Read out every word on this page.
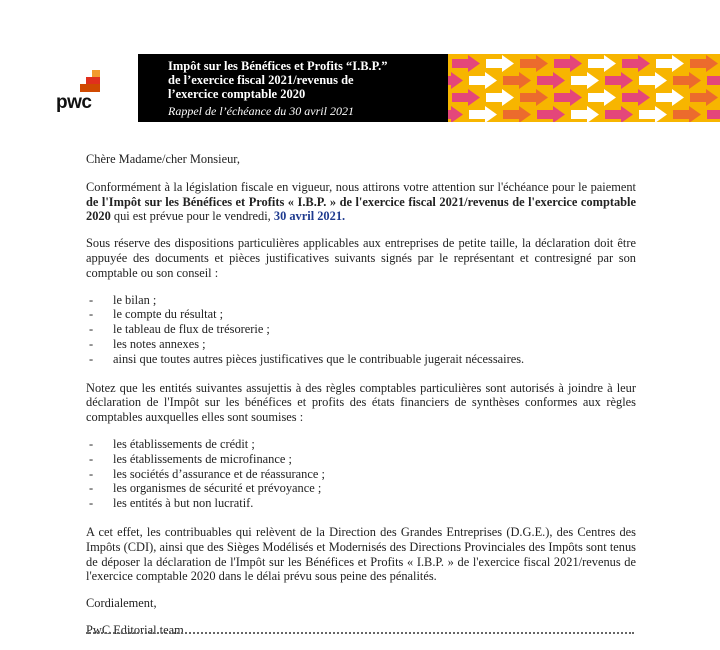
pwc
Impôt sur les Bénéfices et Profits “I.B.P.”
de l’exercice fiscal 2021/revenus de
l’exercice comptable 2020
Rappel de l’échéance du 30 avril 2021

Chère Madame/cher Monsieur,

Conformément à la législation fiscale en vigueur, nous attirons votre attention sur l'échéance pour le paiement de l'Impôt sur les Bénéfices et Profits « I.B.P. » de l'exercice fiscal 2021/revenus de l'exercice comptable 2020 qui est prévue pour le vendredi, 30 avril 2021.

Sous réserve des dispositions particulières applicables aux entreprises de petite taille, la déclaration doit être appuyée des documents et pièces justificatives suivants signés par le représentant et contresigné par son comptable ou son conseil :

- le bilan ;
- le compte du résultat ;
- le tableau de flux de trésorerie ;
- les notes annexes ;
- ainsi que toutes autres pièces justificatives que le contribuable jugerait nécessaires.

Notez que les entités suivantes assujettis à des règles comptables particulières sont autorisés à joindre à leur déclaration de l'Impôt sur les bénéfices et profits des états financiers de synthèses conformes aux règles comptables auxquelles elles sont soumises :

- les établissements de crédit ;
- les établissements de microfinance ;
- les sociétés d’assurance et de réassurance ;
- les organismes de sécurité et prévoyance ;
- les entités à but non lucratif.

A cet effet, les contribuables qui relèvent de la Direction des Grandes Entreprises (D.G.E.), des Centres des Impôts (CDI), ainsi que des Sièges Modélisés et Modernisés des Directions Provinciales des Impôts sont tenus de déposer la déclaration de l'Impôt sur les Bénéfices et Profits « I.B.P. » de l'exercice fiscal 2021/revenus de l'exercice comptable 2020 dans le délai prévu sous peine des pénalités.

Cordialement,

PwC Editorial team
